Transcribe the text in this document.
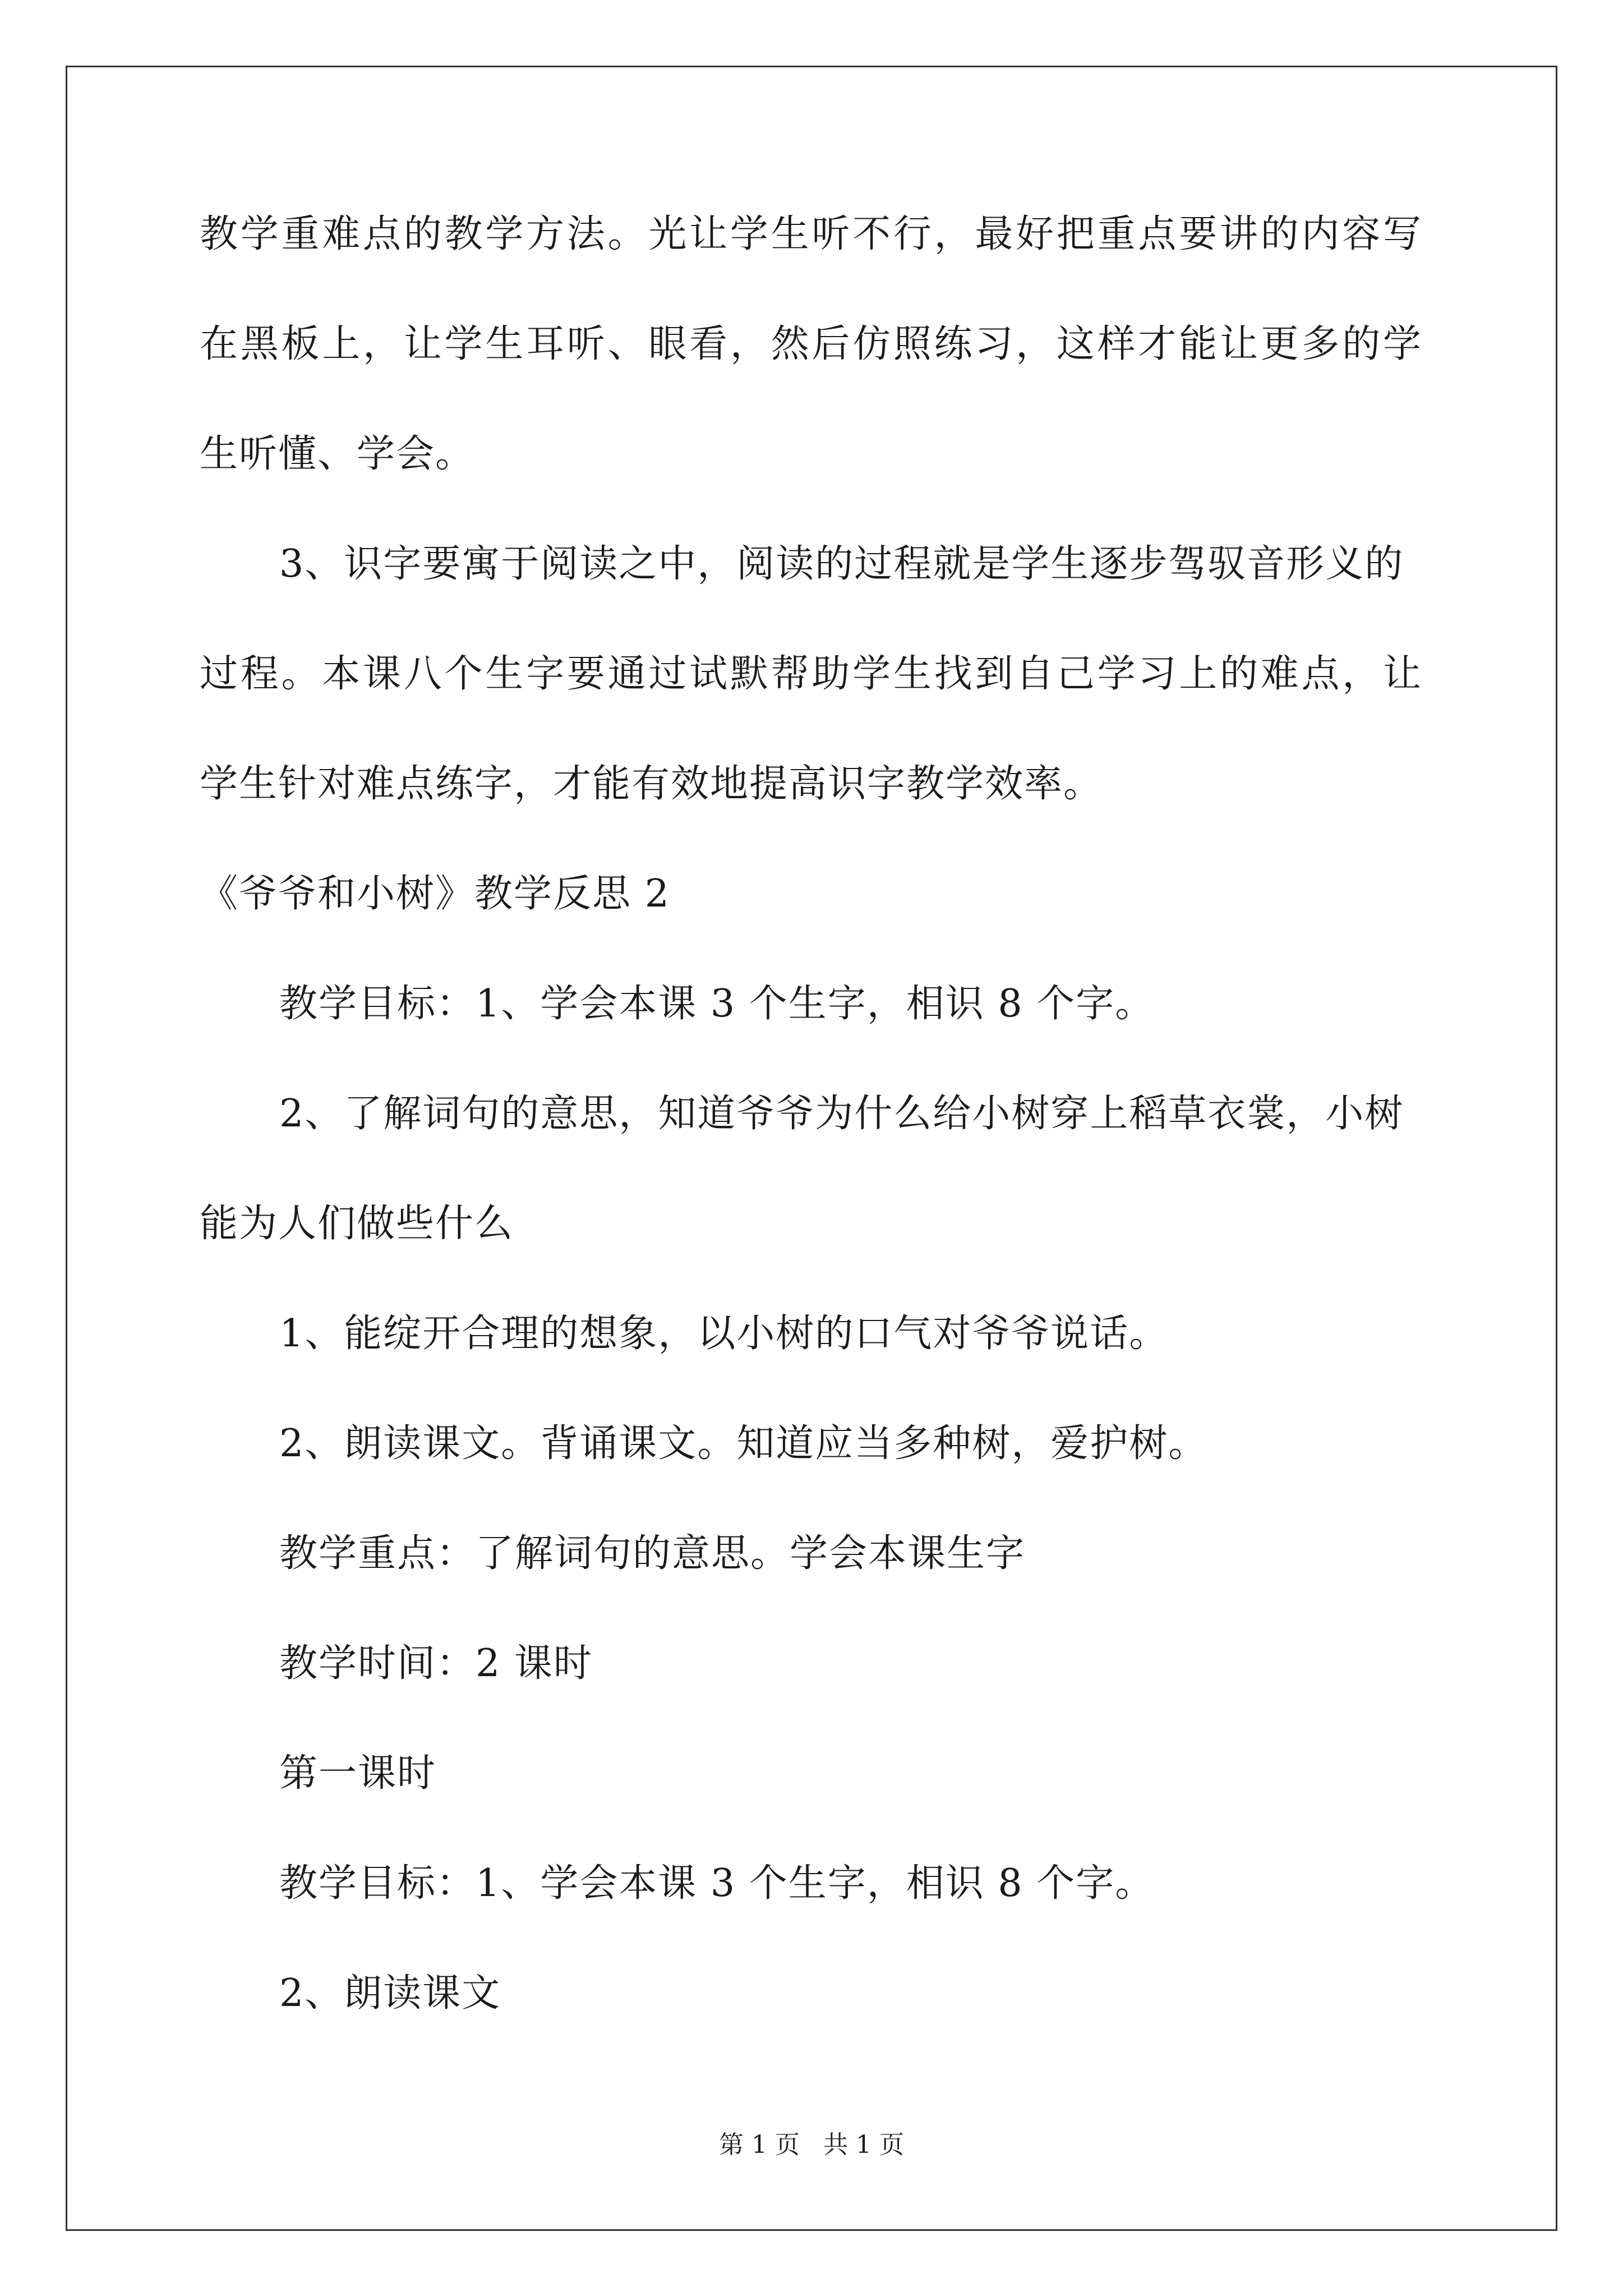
教学重难点的教学方法。光让学生听不行，最好把重点要讲的内容写
在黑板上，让学生耳听、眼看，然后仿照练习，这样才能让更多的学
生听懂、学会。
3、识字要寓于阅读之中，阅读的过程就是学生逐步驾驭音形义的
过程。本课八个生字要通过试默帮助学生找到自己学习上的难点，让
学生针对难点练字，才能有效地提高识字教学效率。
《爷爷和小树》教学反思 2
教学目标：1、学会本课 3 个生字，相识 8 个字。
2、了解词句的意思，知道爷爷为什么给小树穿上稻草衣裳，小树
能为人们做些什么
1、能绽开合理的想象，以小树的口气对爷爷说话。
2、朗读课文。背诵课文。知道应当多种树，爱护树。
教学重点：了解词句的意思。学会本课生字
教学时间：2 课时
第一课时
教学目标：1、学会本课 3 个生字，相识 8 个字。
2、朗读课文
第 1 页   共 1 页
